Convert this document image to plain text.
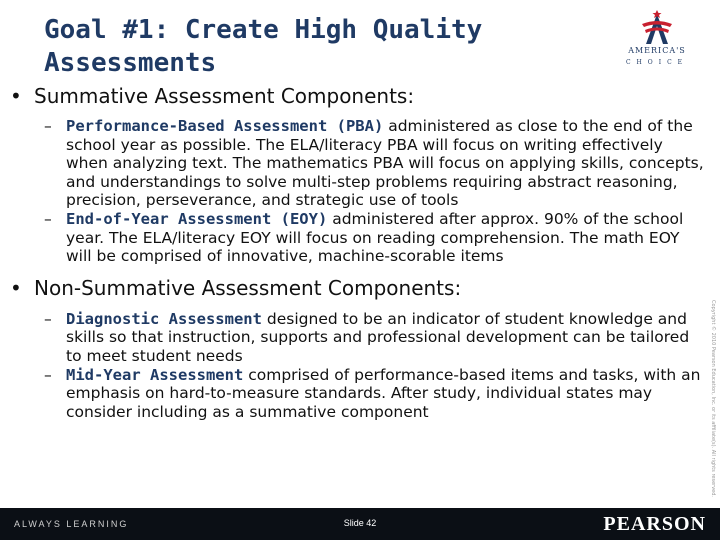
Goal #1: Create High Quality
Assessments	AMERICA'S
CHOICE

• Summative Assessment Components:

– Performance-Based Assessment (PBA) administered as close to the end of the school year as possible. The ELA/literacy PBA will focus on writing effectively when analyzing text. The mathematics PBA will focus on applying skills, concepts, and understandings to solve multi-step problems requiring abstract reasoning, precision, perseverance, and strategic use of tools

– End-of-Year Assessment (EOY) administered after approx. 90% of the school year. The ELA/literacy EOY will focus on reading comprehension. The math EOY will be comprised of innovative, machine-scorable items

• Non-Summative Assessment Components:

– Diagnostic Assessment designed to be an indicator of student knowledge and skills so that instruction, supports and professional development can be tailored to meet student needs

– Mid-Year Assessment comprised of performance-based items and tasks, with an emphasis on hard-to-measure standards. After study, individual states may consider including as a summative component	Copyright © 2010 Pearson Education, Inc. or its affiliate(s). All rights reserved.
ALWAYS LEARNING	Slide 42	PEARSON
